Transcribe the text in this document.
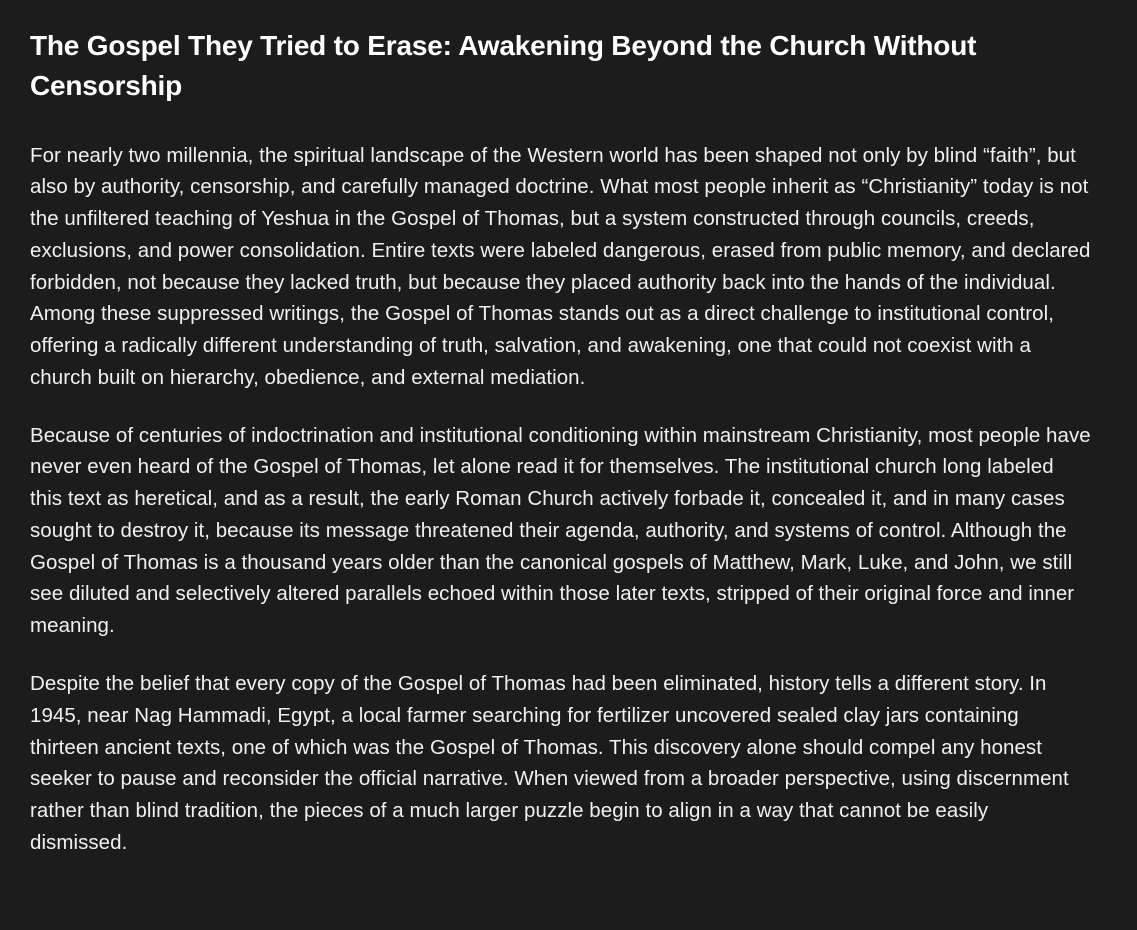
The Gospel They Tried to Erase: Awakening Beyond the Church Without Censorship

For nearly two millennia, the spiritual landscape of the Western world has been shaped not only by blind “faith”, but also by authority, censorship, and carefully managed doctrine. What most people inherit as “Christianity” today is not the unfiltered teaching of Yeshua in the Gospel of Thomas, but a system constructed through councils, creeds, exclusions, and power consolidation. Entire texts were labeled dangerous, erased from public memory, and declared forbidden, not because they lacked truth, but because they placed authority back into the hands of the individual. Among these suppressed writings, the Gospel of Thomas stands out as a direct challenge to institutional control, offering a radically different understanding of truth, salvation, and awakening, one that could not coexist with a church built on hierarchy, obedience, and external mediation.

Because of centuries of indoctrination and institutional conditioning within mainstream Christianity, most people have never even heard of the Gospel of Thomas, let alone read it for themselves. The institutional church long labeled this text as heretical, and as a result, the early Roman Church actively forbade it, concealed it, and in many cases sought to destroy it, because its message threatened their agenda, authority, and systems of control. Although the Gospel of Thomas is a thousand years older than the canonical gospels of Matthew, Mark, Luke, and John, we still see diluted and selectively altered parallels echoed within those later texts, stripped of their original force and inner meaning.

Despite the belief that every copy of the Gospel of Thomas had been eliminated, history tells a different story. In 1945, near Nag Hammadi, Egypt, a local farmer searching for fertilizer uncovered sealed clay jars containing thirteen ancient texts, one of which was the Gospel of Thomas. This discovery alone should compel any honest seeker to pause and reconsider the official narrative. When viewed from a broader perspective, using discernment rather than blind tradition, the pieces of a much larger puzzle begin to align in a way that cannot be easily dismissed.
